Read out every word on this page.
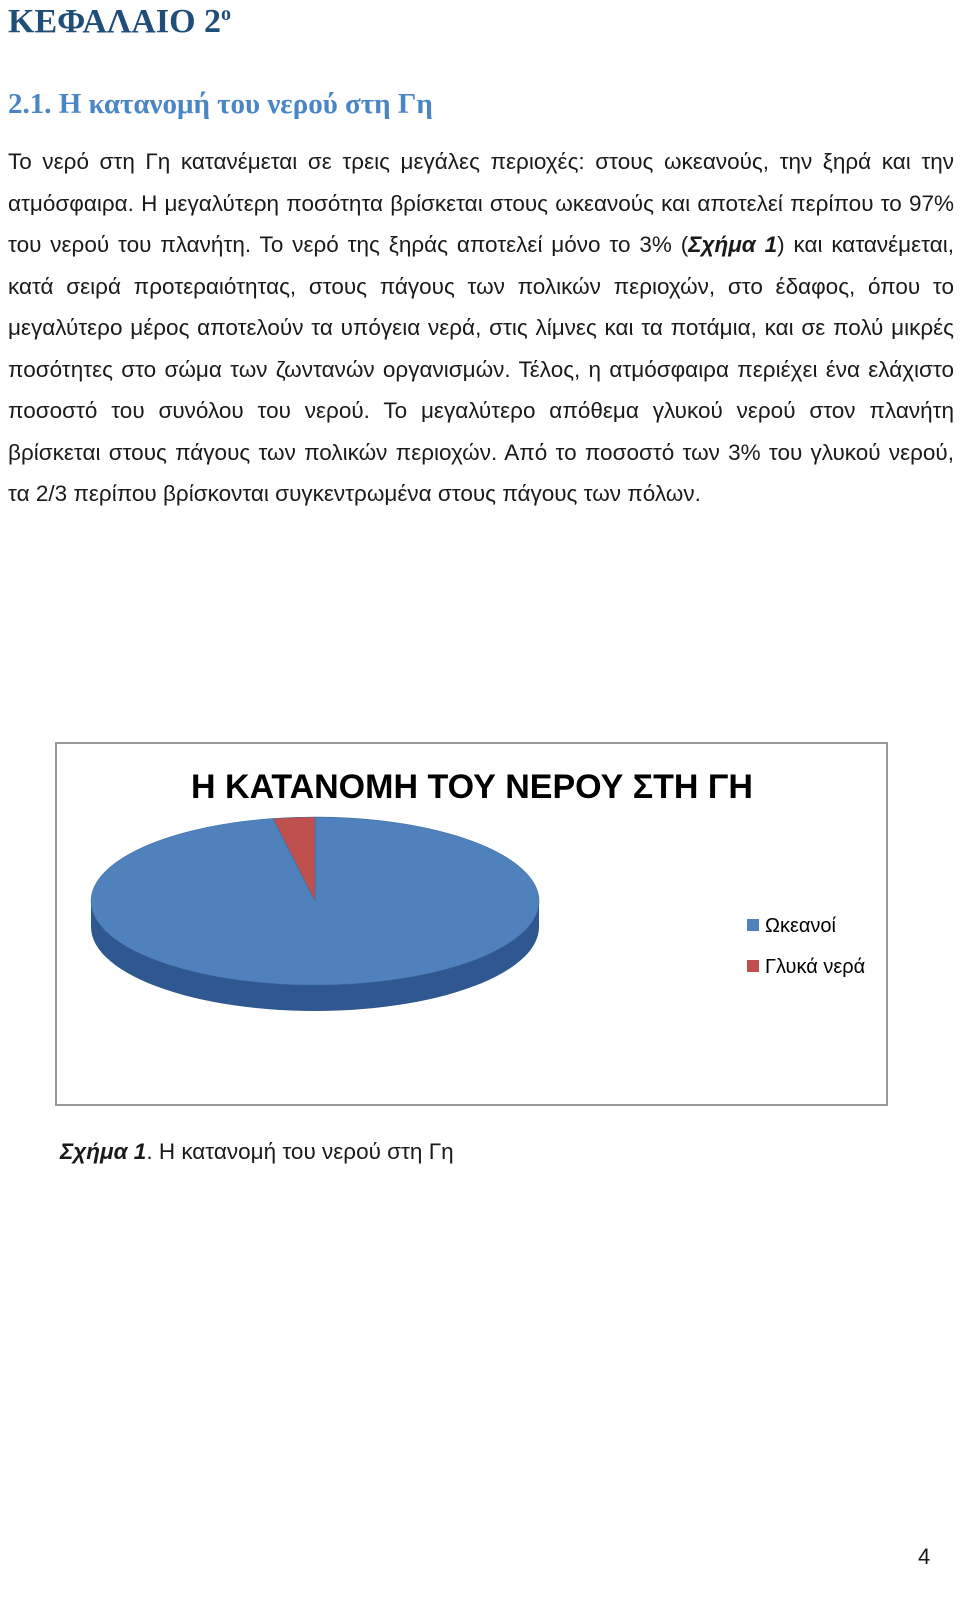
ΚΕΦΑΛΑΙΟ $2^o$
2.1. Η κατανομή του νερού στη Γη

Το νερό στη Γη κατανέμεται σε τρεις μεγάλες περιοχές: στους ωκεανούς, την ξηρά και την ατμόσφαιρα. Η μεγαλύτερη ποσότητα βρίσκεται στους ωκεανούς και αποτελεί περίπου το 97% του νερού του πλανήτη. Το νερό της ξηράς αποτελεί μόνο το 3% (Σχήμα 1) και κατανέμεται, κατά σειρά προτεραιότητας, στους πάγους των πολικών περιοχών, στο έδαφος, όπου το μεγαλύτερο μέρος αποτελούν τα υπόγεια νερά, στις λίμνες και τα ποτάμια, και σε πολύ μικρές ποσότητες στο σώμα των ζωντανών οργανισμών. Τέλος, η ατμόσφαιρα περιέχει ένα ελάχιστο ποσοστό του συνόλου του νερού. Το μεγαλύτερο απόθεμα γλυκού νερού στον πλανήτη βρίσκεται στους πάγους των πολικών περιοχών. Από το ποσοστό των 3% του γλυκού νερού, τα 2/3 περίπου βρίσκονται συγκεντρωμένα στους πάγους των πόλων.

Η ΚΑΤΑΝΟΜΗ ΤΟΥ ΝΕΡΟΥ ΣΤΗ ΓΗ
Ωκεανοί
Γλυκά νερά

Σχήμα 1. Η κατανομή του νερού στη Γη

4
